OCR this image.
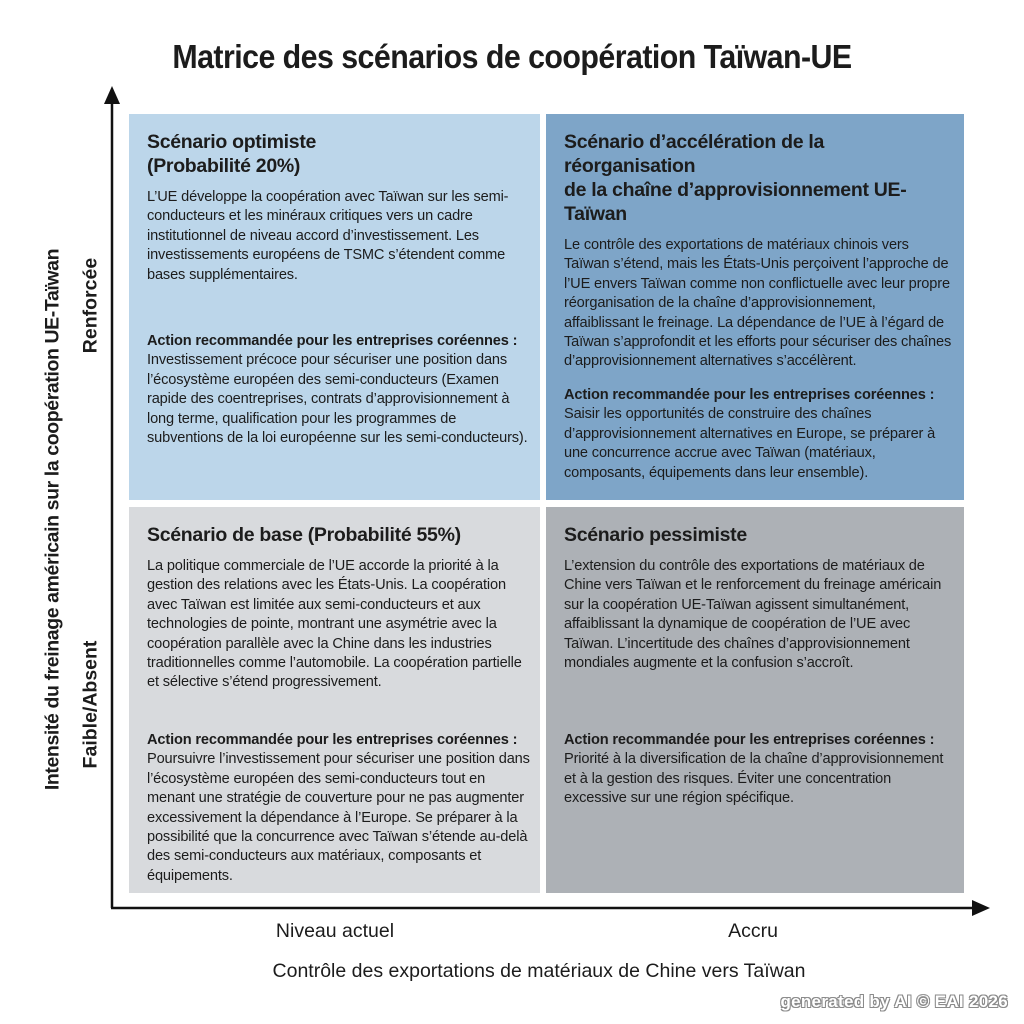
Matrice des scénarios de coopération Taïwan-UE
Intensité du freinage américain sur la coopération UE-Taïwan Renforcée
Faible/Absent
Scénario optimiste
(Probabilité 20%)

L’UE développe la coopération avec Taïwan sur les semi-conducteurs et les minéraux critiques vers un cadre institutionnel de niveau accord d’investissement. Les investissements européens de TSMC s’étendent comme bases supplémentaires.

Action recommandée pour les entreprises coréennes :
Investissement précoce pour sécuriser une position dans l’écosystème européen des semi-conducteurs (Examen rapide des coentreprises, contrats d’approvisionnement à long terme, qualification pour les programmes de subventions de la loi européenne sur les semi-conducteurs).
Scénario d’accélération de la réorganisation
de la chaîne d’approvisionnement UE-Taïwan

Le contrôle des exportations de matériaux chinois vers Taïwan s’étend, mais les États-Unis perçoivent l’approche de l’UE envers Taïwan comme non conflictuelle avec leur propre réorganisation de la chaîne d’approvisionnement, affaiblissant le freinage. La dépendance de l’UE à l’égard de Taïwan s’approfondit et les efforts pour sécuriser des chaînes d’approvisionnement alternatives s’accélèrent.

Action recommandée pour les entreprises coréennes :
Saisir les opportunités de construire des chaînes d’approvisionnement alternatives en Europe, se préparer à une concurrence accrue avec Taïwan (matériaux, composants, équipements dans leur ensemble).
Scénario de base (Probabilité 55%)

La politique commerciale de l’UE accorde la priorité à la gestion des relations avec les États-Unis. La coopération avec Taïwan est limitée aux semi-conducteurs et aux technologies de pointe, montrant une asymétrie avec la coopération parallèle avec la Chine dans les industries traditionnelles comme l’automobile. La coopération partielle et sélective s’étend progressivement.

Action recommandée pour les entreprises coréennes :
Poursuivre l’investissement pour sécuriser une position dans l’écosystème européen des semi-conducteurs tout en menant une stratégie de couverture pour ne pas augmenter excessivement la dépendance à l’Europe. Se préparer à la possibilité que la concurrence avec Taïwan s’étende au-delà des semi-conducteurs aux matériaux, composants et équipements.
Scénario pessimiste

L’extension du contrôle des exportations de matériaux de Chine vers Taïwan et le renforcement du freinage américain sur la coopération UE-Taïwan agissent simultanément, affaiblissant la dynamique de coopération de l’UE avec Taïwan. L’incertitude des chaînes d’approvisionnement mondiales augmente et la confusion s’accroît.

Action recommandée pour les entreprises coréennes :
Priorité à la diversification de la chaîne d’approvisionnement et à la gestion des risques. Éviter une concentration excessive sur une région spécifique.
Niveau actuel	Accru
Contrôle des exportations de matériaux de Chine vers Taïwan
generated by AI © EAI 2026
